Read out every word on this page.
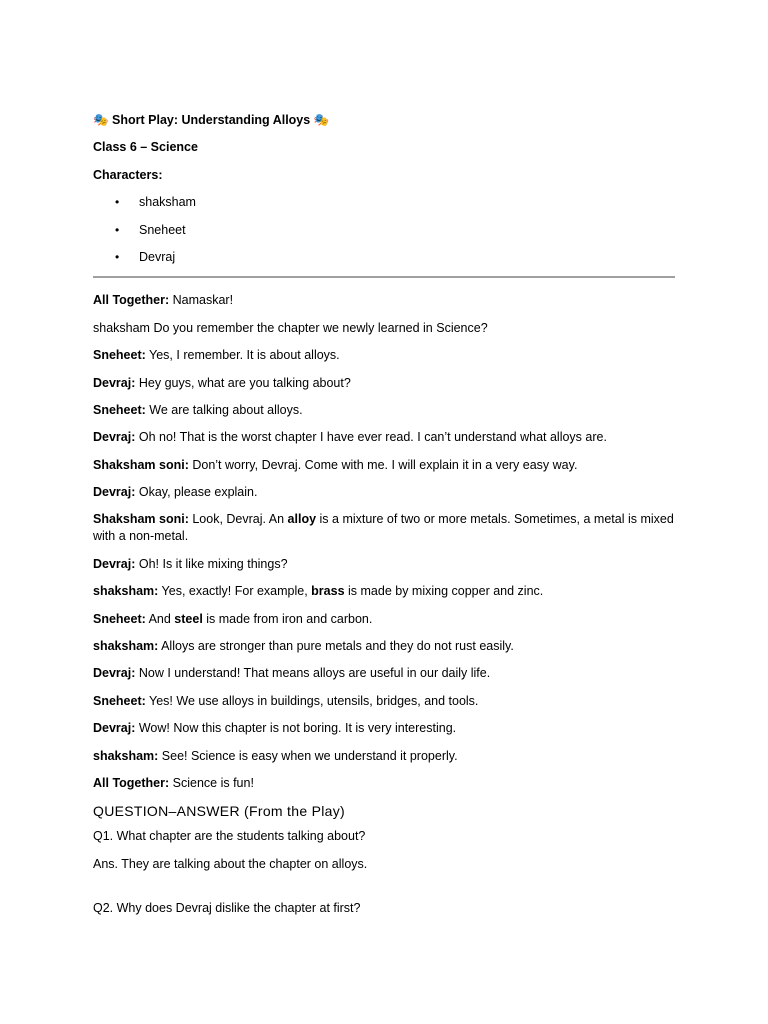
🎭 Short Play: Understanding Alloys 🎭

Class 6 – Science

Characters:

• shaksham
• Sneheet
• Devraj

All Together: Namaskar!

shaksham Do you remember the chapter we newly learned in Science?

Sneheet: Yes, I remember. It is about alloys.

Devraj: Hey guys, what are you talking about?

Sneheet: We are talking about alloys.

Devraj: Oh no! That is the worst chapter I have ever read. I can’t understand what alloys are.

Shaksham soni: Don’t worry, Devraj. Come with me. I will explain it in a very easy way.

Devraj: Okay, please explain.

Shaksham soni: Look, Devraj. An alloy is a mixture of two or more metals. Sometimes, a metal is mixed with a non-metal.

Devraj: Oh! Is it like mixing things?

shaksham: Yes, exactly! For example, brass is made by mixing copper and zinc.

Sneheet: And steel is made from iron and carbon.

shaksham: Alloys are stronger than pure metals and they do not rust easily.

Devraj: Now I understand! That means alloys are useful in our daily life.

Sneheet: Yes! We use alloys in buildings, utensils, bridges, and tools.

Devraj: Wow! Now this chapter is not boring. It is very interesting.

shaksham: See! Science is easy when we understand it properly.

All Together: Science is fun!

QUESTION–ANSWER (From the Play)

Q1. What chapter are the students talking about?

Ans. They are talking about the chapter on alloys.

Q2. Why does Devraj dislike the chapter at first?
